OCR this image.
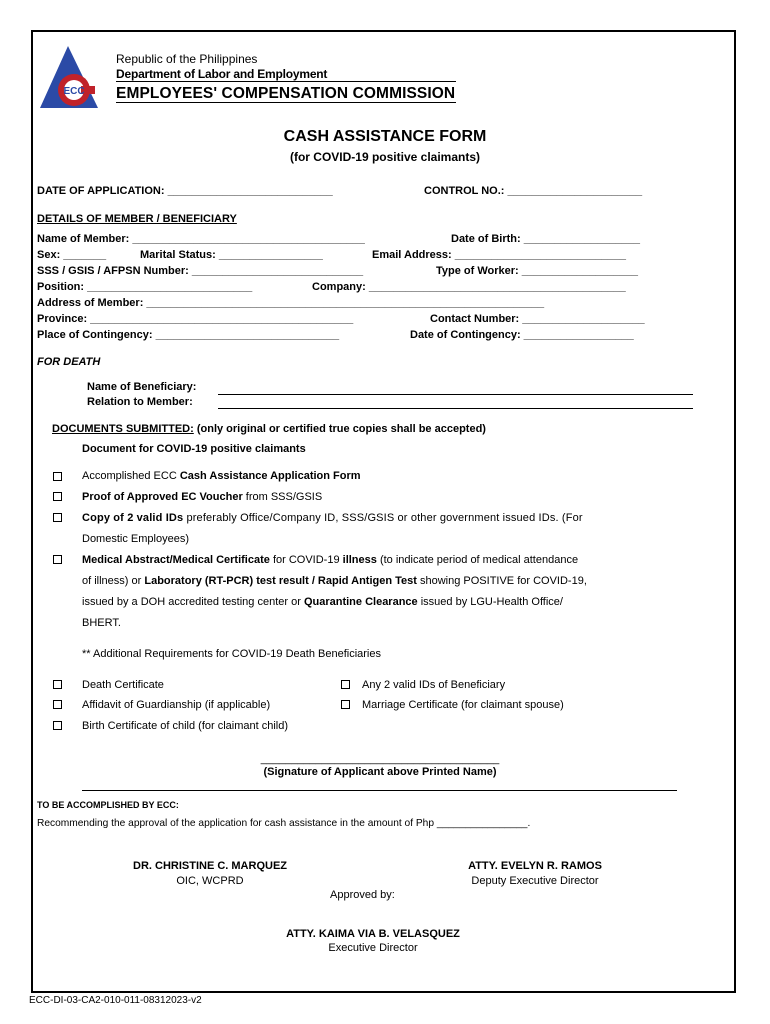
ECC
Republic of the Philippines
Department of Labor and Employment
EMPLOYEES' COMPENSATION COMMISSION
CASH ASSISTANCE FORM
(for COVID-19 positive claimants)
DATE OF APPLICATION: ___________________________	CONTROL NO.: ______________________
DETAILS OF MEMBER / BENEFICIARY
Name of Member: ______________________________________	Date of Birth: ___________________
Sex: _______	Marital Status: _________________	Email Address: ____________________________
SSS / GSIS / AFPSN Number: ____________________________	Type of Worker: ___________________
Position: ___________________________	Company: __________________________________________
Address of Member: _________________________________________________________________
Province: ___________________________________________	Contact Number: ____________________
Place of Contingency: ______________________________	Date of Contingency: __________________
FOR DEATH
Name of Beneficiary:
Relation to Member:
DOCUMENTS SUBMITTED: (only original or certified true copies shall be accepted)
Document for COVID-19 positive claimants
Accomplished ECC Cash Assistance Application Form
Proof of Approved EC Voucher from SSS/GSIS
Copy of 2 valid IDs preferably Office/Company ID, SSS/GSIS or other government issued IDs. (For
Domestic Employees)
Medical Abstract/Medical Certificate for COVID-19 illness (to indicate period of medical attendance
of illness) or Laboratory (RT-PCR) test result / Rapid Antigen Test showing POSITIVE for COVID-19,
issued by a DOH accredited testing center or Quarantine Clearance issued by LGU-Health Office/
BHERT.
** Additional Requirements for COVID-19 Death Beneficiaries
Death Certificate	Any 2 valid IDs of Beneficiary
Affidavit of Guardianship (if applicable)	Marriage Certificate (for claimant spouse)
Birth Certificate of child (for claimant child)
_______________________________________
(Signature of Applicant above Printed Name)
TO BE ACCOMPLISHED BY ECC:
Recommending the approval of the application for cash assistance in the amount of Php ________________.
DR. CHRISTINE C. MARQUEZ
OIC, WCPRD
ATTY. EVELYN R. RAMOS
Deputy Executive Director
Approved by:
ATTY. KAIMA VIA B. VELASQUEZ
Executive Director
ECC-DI-03-CA2-010-011-08312023-v2
